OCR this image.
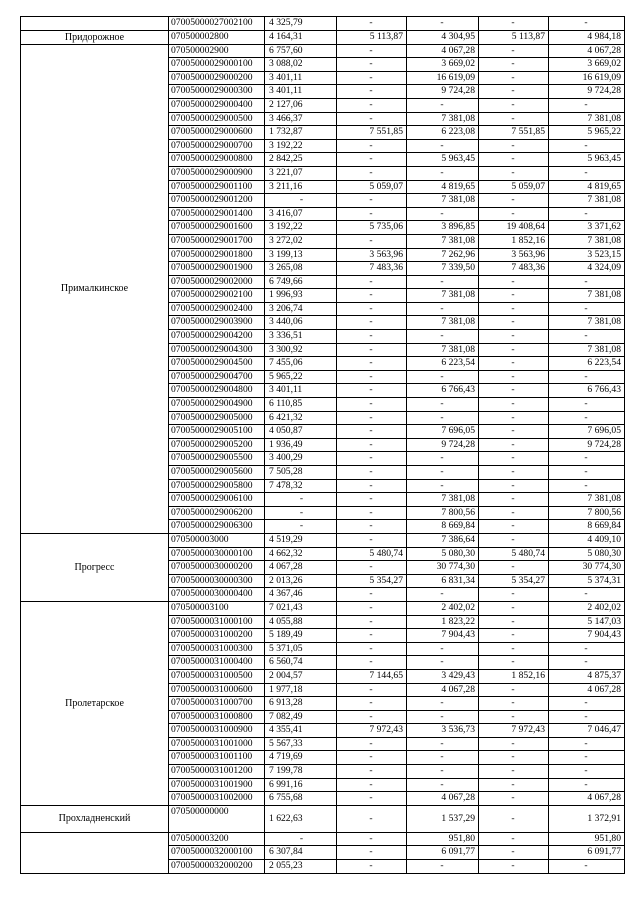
	07005000027002100	4 325,79	-	-	-	-
Придорожное	070500002800	4 164,31	5 113,87	4 304,95	5 113,87	4 984,18
Прималкинское	070500002900	6 757,60	-	4 067,28	-	4 067,28
	07005000029000100	3 088,02	-	3 669,02	-	3 669,02
	07005000029000200	3 401,11	-	16 619,09	-	16 619,09
	07005000029000300	3 401,11	-	9 724,28	-	9 724,28
	07005000029000400	2 127,06	-	-	-	-
	07005000029000500	3 466,37	-	7 381,08	-	7 381,08
	07005000029000600	1 732,87	7 551,85	6 223,08	7 551,85	5 965,22
	07005000029000700	3 192,22	-	-	-	-
	07005000029000800	2 842,25	-	5 963,45	-	5 963,45
	07005000029000900	3 221,07	-	-	-	-
	07005000029001100	3 211,16	5 059,07	4 819,65	5 059,07	4 819,65
	07005000029001200	-	-	7 381,08	-	7 381,08
	07005000029001400	3 416,07	-	-	-	-
	07005000029001600	3 192,22	5 735,06	3 896,85	19 408,64	3 371,62
	07005000029001700	3 272,02	-	7 381,08	1 852,16	7 381,08
	07005000029001800	3 199,13	3 563,96	7 262,96	3 563,96	3 523,15
	07005000029001900	3 265,08	7 483,36	7 339,50	7 483,36	4 324,09
	07005000029002000	6 749,66	-	-	-	-
	07005000029002100	1 996,93	-	7 381,08	-	7 381,08
	07005000029002400	3 206,74	-	-	-	-
	07005000029003900	3 440,06	-	7 381,08	-	7 381,08
	07005000029004200	3 336,51	-	-	-	-
	07005000029004300	3 300,92	-	7 381,08	-	7 381,08
	07005000029004500	7 455,06	-	6 223,54	-	6 223,54
	07005000029004700	5 965,22	-	-	-	-
	07005000029004800	3 401,11	-	6 766,43	-	6 766,43
	07005000029004900	6 110,85	-	-	-	-
	07005000029005000	6 421,32	-	-	-	-
	07005000029005100	4 050,87	-	7 696,05	-	7 696,05
	07005000029005200	1 936,49	-	9 724,28	-	9 724,28
	07005000029005500	3 400,29	-	-	-	-
	07005000029005600	7 505,28	-	-	-	-
	07005000029005800	7 478,32	-	-	-	-
	07005000029006100	-	-	7 381,08	-	7 381,08
	07005000029006200	-	-	7 800,56	-	7 800,56
	07005000029006300	-	-	8 669,84	-	8 669,84
Прогресс	070500003000	4 519,29	-	7 386,64	-	4 409,10
	07005000030000100	4 662,32	5 480,74	5 080,30	5 480,74	5 080,30
	07005000030000200	4 067,28	-	30 774,30	-	30 774,30
	07005000030000300	2 013,26	5 354,27	6 831,34	5 354,27	5 374,31
	07005000030000400	4 367,46	-	-	-	-
Пролетарское	070500003100	7 021,43	-	2 402,02	-	2 402,02
	07005000031000100	4 055,88	-	1 823,22	-	5 147,03
	07005000031000200	5 189,49	-	7 904,43	-	7 904,43
	07005000031000300	5 371,05	-	-	-	-
	07005000031000400	6 560,74	-	-	-	-
	07005000031000500	2 004,57	7 144,65	3 429,43	1 852,16	4 875,37
	07005000031000600	1 977,18	-	4 067,28	-	4 067,28
	07005000031000700	6 913,28	-	-	-	-
	07005000031000800	7 082,49	-	-	-	-
	07005000031000900	4 355,41	7 972,43	3 536,73	7 972,43	7 046,47
	07005000031001000	5 567,33	-	-	-	-
	07005000031001100	4 719,69	-	-	-	-
	07005000031001200	7 199,78	-	-	-	-
	07005000031001900	6 991,16	-	-	-	-
	07005000031002000	6 755,68	-	4 067,28	-	4 067,28
Прохладненский	070500000000	1 622,63	-	1 537,29	-	1 372,91
	070500003200	-	-	951,80	-	951,80
	07005000032000100	6 307,84	-	6 091,77	-	6 091,77
	07005000032000200	2 055,23	-	-	-	-
